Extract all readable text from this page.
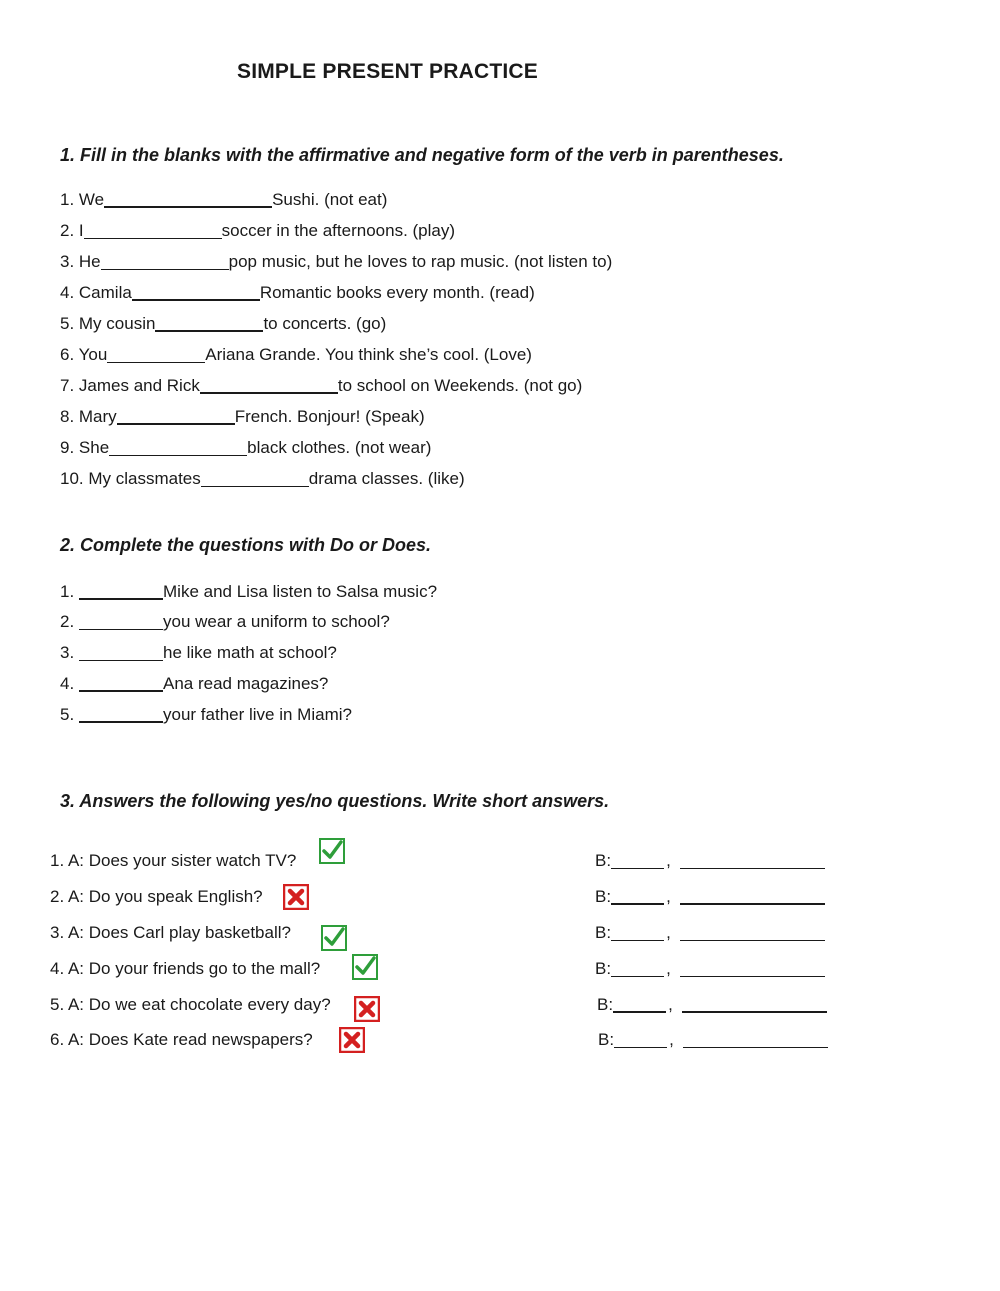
SIMPLE PRESENT PRACTICE
1. Fill in the blanks with the affirmative and negative form of the verb in parentheses.
1. We	Sushi. (not eat)
2. I	soccer in the afternoons. (play)
3. He	pop music, but he loves to rap music. (not listen to)
4. Camila	Romantic books every month. (read)
5. My cousin	to concerts. (go)
6. You	Ariana Grande. You think she’s cool. (Love)
7. James and Rick	to school on Weekends. (not go)
8. Mary	French. Bonjour! (Speak)
9. She	black clothes. (not wear)
10. My classmates	drama classes. (like)
2. Complete the questions with Do or Does.
1.	Mike and Lisa listen to Salsa music?
2.	you wear a uniform to school?
3.	he like math at school?
4.	Ana read magazines?
5.	your father live in Miami?
3. Answers the following yes/no questions. Write short answers.
1. A: Does your sister watch TV?	B:	,
2. A: Do you speak English?	B:	,
3. A: Does Carl play basketball?	B:	,
4. A: Do your friends go to the mall?	B:	,
5. A: Do we eat chocolate every day?	B:	,
6. A: Does Kate read newspapers?	B:	,
